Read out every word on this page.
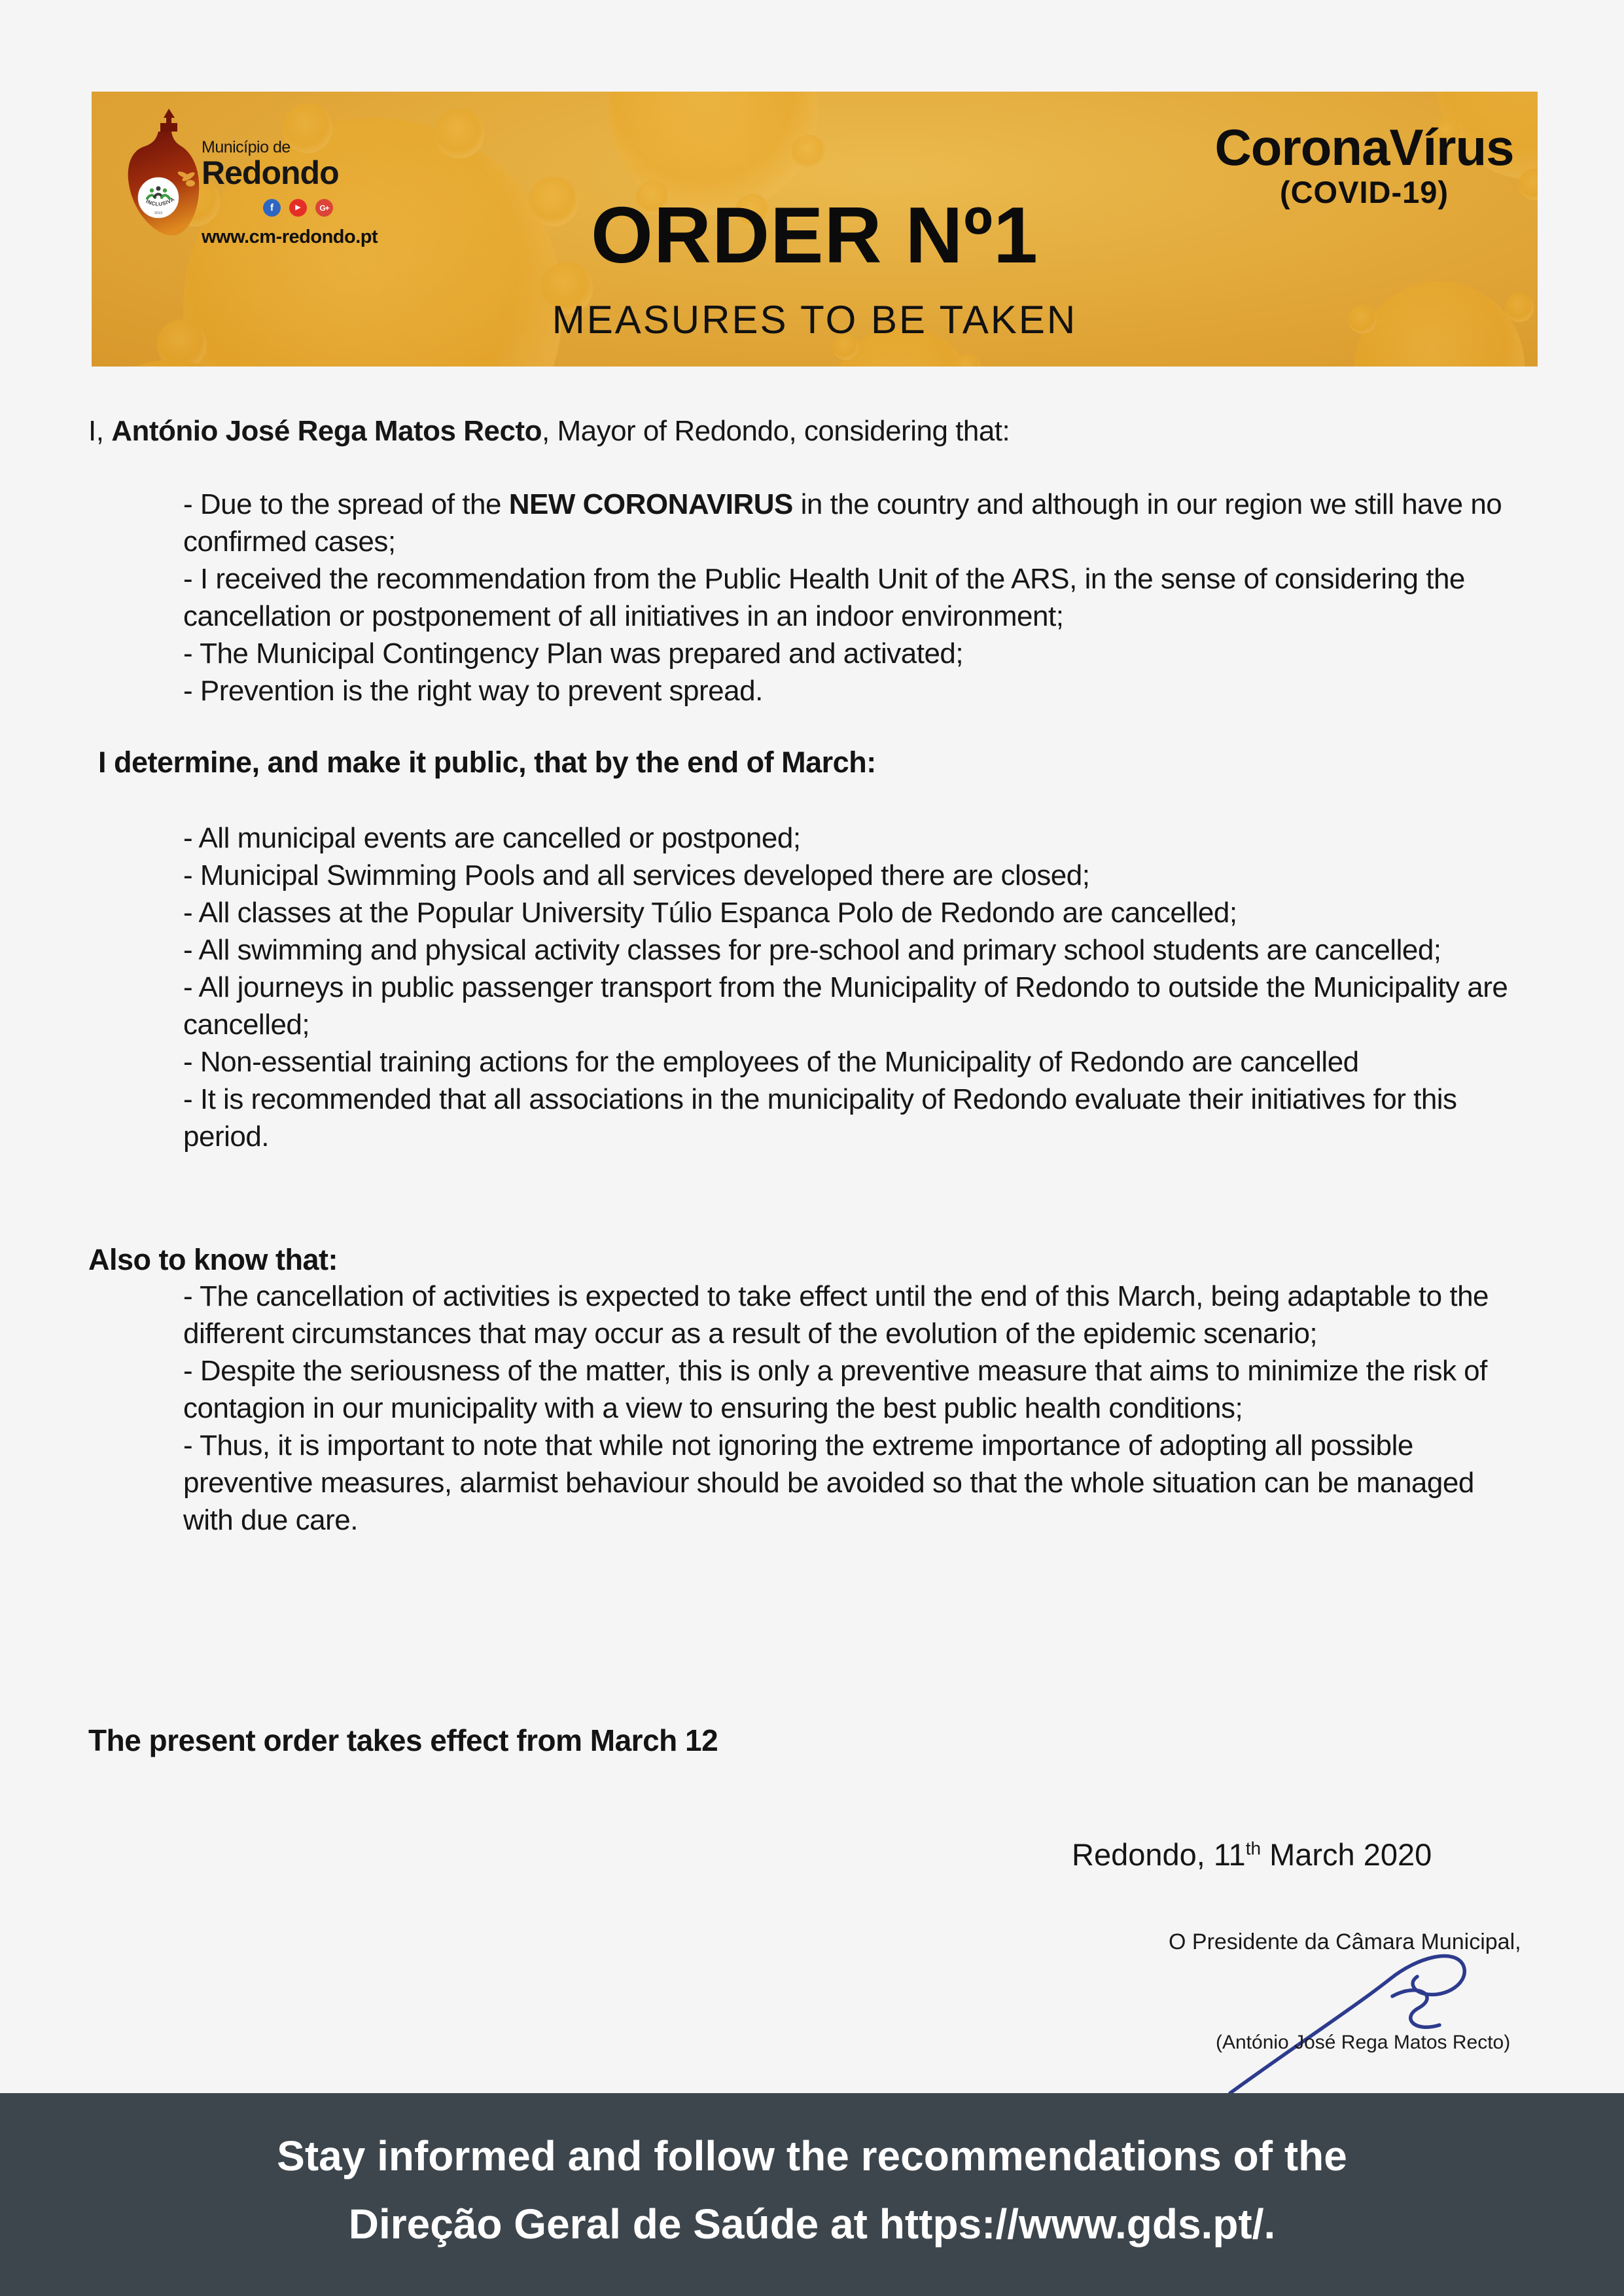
INCLUSIVA
2019
Município de
Redondo
f	▶	G+
www.cm-redondo.pt
CoronaVírus
(COVID-19)
ORDER Nº1
MEASURES TO BE TAKEN

I, António José Rega Matos Recto, Mayor of Redondo, considering that:

- Due to the spread of the NEW CORONAVIRUS in the country and although in our region we still have no confirmed cases;

- I received the recommendation from the Public Health Unit of the ARS, in the sense of considering the cancellation or postponement of all initiatives in an indoor environment;

- The Municipal Contingency Plan was prepared and activated;

- Prevention is the right way to prevent spread.

I determine, and make it public, that by the end of March:

- All municipal events are cancelled or postponed;

- Municipal Swimming Pools and all services developed there are closed;

- All classes at the Popular University Túlio Espanca Polo de Redondo are cancelled;

- All swimming and physical activity classes for pre-school and primary school students are cancelled;

- All journeys in public passenger transport from the Municipality of Redondo to outside the Municipality are cancelled;

- Non-essential training actions for the employees of the Municipality of Redondo are cancelled

- It is recommended that all associations in the municipality of Redondo evaluate their initiatives for this period.

Also to know that:

- The cancellation of activities is expected to take effect until the end of this March, being adaptable to the different circumstances that may occur as a result of the evolution of the epidemic scenario;

- Despite the seriousness of the matter, this is only a preventive measure that aims to minimize the risk of contagion in our municipality with a view to ensuring the best public health conditions;

- Thus, it is important to note that while not ignoring the extreme importance of adopting all possible preventive measures, alarmist behaviour should be avoided so that the whole situation can be managed with due care.

The present order takes effect from March 12
Redondo, 11th March 2020
O Presidente da Câmara Municipal,
(António José Rega Matos Recto)
Stay informed and follow the recommendations of the
Direção Geral de Saúde at https://www.gds.pt/.
